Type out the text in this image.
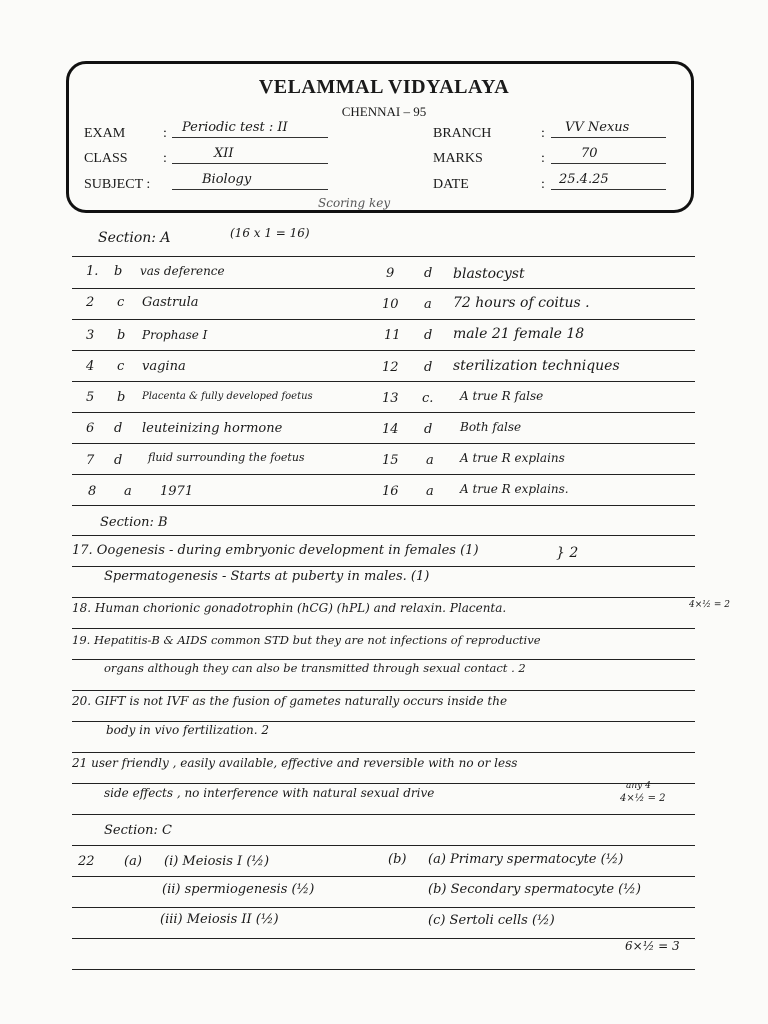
VELAMMAL VIDYALAYA
CHENNAI – 95
EXAM	:	Periodic test : II
CLASS	:	XII
SUBJECT :	Biology
BRANCH	:	VV Nexus
MARKS	:	70
DATE	:	25.4.25
Scoring key
Section: A	(16 x 1 = 16)
1. b vas deference
2 c Gastrula
3 b Prophase I
4 c vagina
5 b Placenta & fully developed foetus
6 d leuteinizing hormone
7 d fluid surrounding the foetus
8 a 1971
9 d blastocyst
10 a 72 hours of coitus .
11 d male 21 female 18
12 d sterilization techniques
13 c. A true R false
14 d Both false
15 a A true R explains
16 a A true R explains.
Section: B
17. Oogenesis - during embryonic development in females (1)	} 2
Spermatogenesis - Starts at puberty in males. (1)
18. Human chorionic gonadotrophin (hCG) (hPL) and relaxin. Placenta.	4×½ = 2
19. Hepatitis-B & AIDS common STD but they are not infections of reproductive
organs although they can also be transmitted through sexual contact . 2
20. GIFT is not IVF as the fusion of gametes naturally occurs inside the
body in vivo fertilization. 2
21 user friendly , easily available, effective and reversible with no or less
side effects , no interference with natural sexual drive	any 4
4×½ = 2
Section: C
22 (a) (i) Meiosis I (½)
(ii) spermiogenesis (½)
(iii) Meiosis II (½)
(b) (a) Primary spermatocyte (½)
(b) Secondary spermatocyte (½)
(c) Sertoli cells (½)
6×½ = 3
